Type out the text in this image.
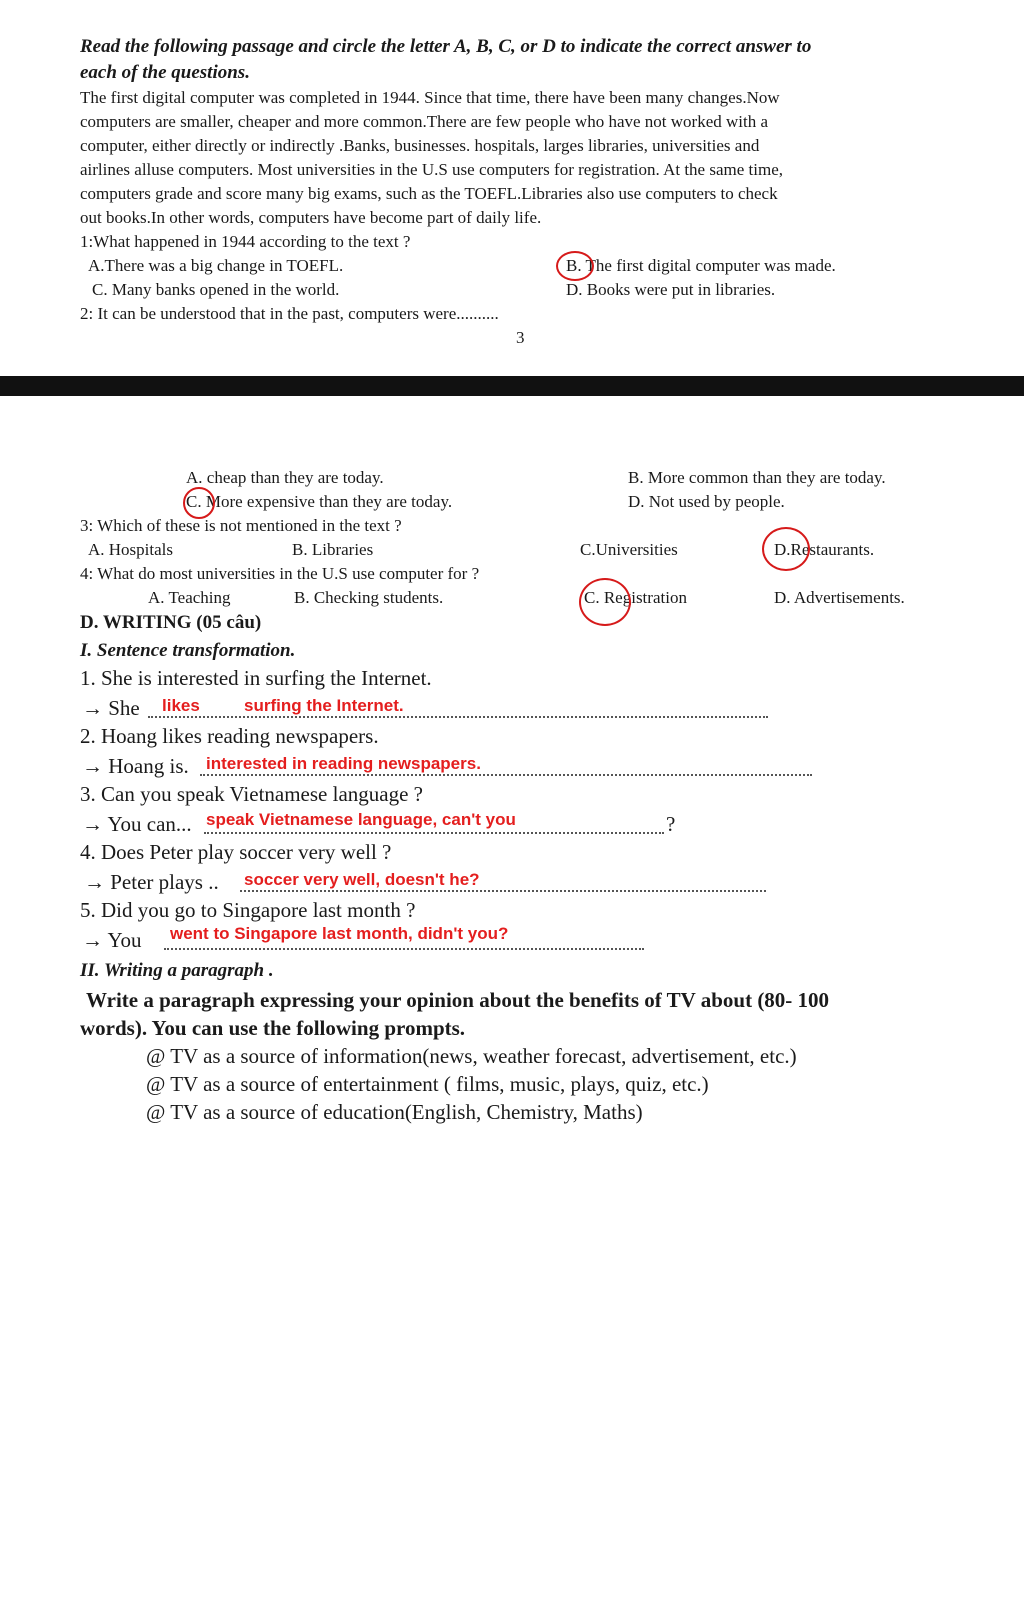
Read the following passage and circle the letter A, B, C, or D to indicate the correct answer to
each of the questions.
The first digital computer was completed in 1944. Since that time, there have been many changes.Now
computers are smaller, cheaper and more common.There are few people who have not worked with a
computer, either directly or indirectly .Banks, businesses. hospitals, larges libraries, universities and
airlines alluse computers. Most universities in the U.S use computers for registration. At the same time,
computers grade and score many big exams, such as the TOEFL.Libraries also use computers to check
out books.In other words, computers have become part of daily life.
1:What happened in 1944 according to the text ?
A.There was a big change in TOEFL.	B. The first digital computer was made.
C. Many banks opened in the world.	D. Books were put in libraries.
2: It can be understood that in the past, computers were..........
3
A. cheap than they are today.	B. More common than they are today.
C. More expensive than they are today.	D. Not used by people.
3: Which of these is not mentioned in the text ?
A. Hospitals	B. Libraries	C.Universities	D.Restaurants.
4: What do most universities in the U.S use computer for ?
A. Teaching	B. Checking students.	C. Registration	D. Advertisements.
D. WRITING (05 câu)
I. Sentence transformation.
1. She is interested in surfing the Internet.
→ She likes	surfing the Internet.
2. Hoang likes reading newspapers.
→ Hoang is. interested in reading newspapers.
3. Can you speak Vietnamese language ?
→ You can... speak Vietnamese language, can't you	?
4. Does Peter play soccer very well ?
→ Peter plays .. soccer very well, doesn't he?
5. Did you go to Singapore last month ?
→ You went to Singapore last month, didn't you?
II. Writing a paragraph .
Write a paragraph expressing your opinion about the benefits of TV about (80- 100
words). You can use the following prompts.
@ TV as a source of information(news, weather forecast, advertisement, etc.)
@ TV as a source of entertainment ( films, music, plays, quiz, etc.)
@ TV as a source of education(English, Chemistry, Maths)
